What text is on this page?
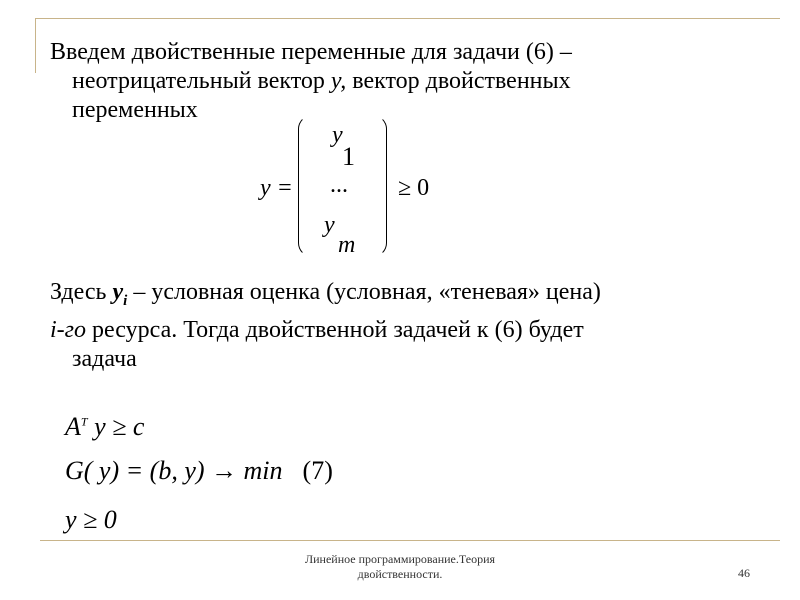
Введем двойственные переменные для задачи (6) –
неотрицательный вектор y, вектор двойственных
переменных
y =
y
1
...
y
m
≥ 0
Здесь $y_i$ – условная оценка (условная, «теневая» цена)
i-го ресурса. Тогда двойственной задачей к (6) будет
задача
$A^T$ y ≥ c
G( y) = (b, y) → min (7)
y ≥ 0
Линейное программирование.Теория
двойственности.	46
